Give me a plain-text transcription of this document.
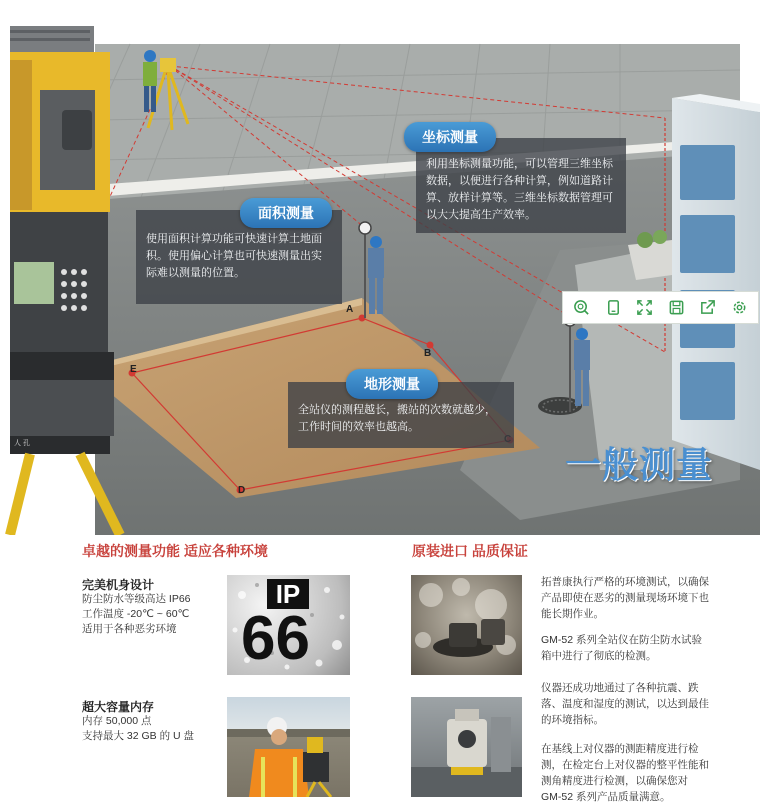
A
B
D
E
人 孔
使用面积计算功能可快速计算土地面积。使用偏心计算也可快速测量出实际难以测量的位置。
面积测量
利用坐标测量功能，可以管理三维坐标数据，以便进行各种计算，例如道路计算、放样计算等。三维坐标数据管理可以大大提高生产效率。
坐标测量
全站仪的测程越长，搬站的次数就越少，工作时间的效率也越高。
地形测量
一般测量
卓越的测量功能 适应各种环境
完美机身设计
防尘防水等级高达 IP66
工作温度 -20℃ ~ 60℃
适用于各种恶劣环境
IP
66
超大容量内存
内存 50,000 点
支持最大 32 GB 的 U 盘
原装进口 品质保证
拓普康执行严格的环境测试，以确保产品即使在恶劣的测量现场环境下也能长期作业。
GM-52 系列全站仪在防尘防水试验箱中进行了彻底的检测。
仪器还成功地通过了各种抗震、跌落、温度和湿度的测试，以达到最佳的环境指标。
在基线上对仪器的测距精度进行检测，在检定台上对仪器的整平性能和测角精度进行检测，以确保您对 GM-52 系列产品质量满意。
